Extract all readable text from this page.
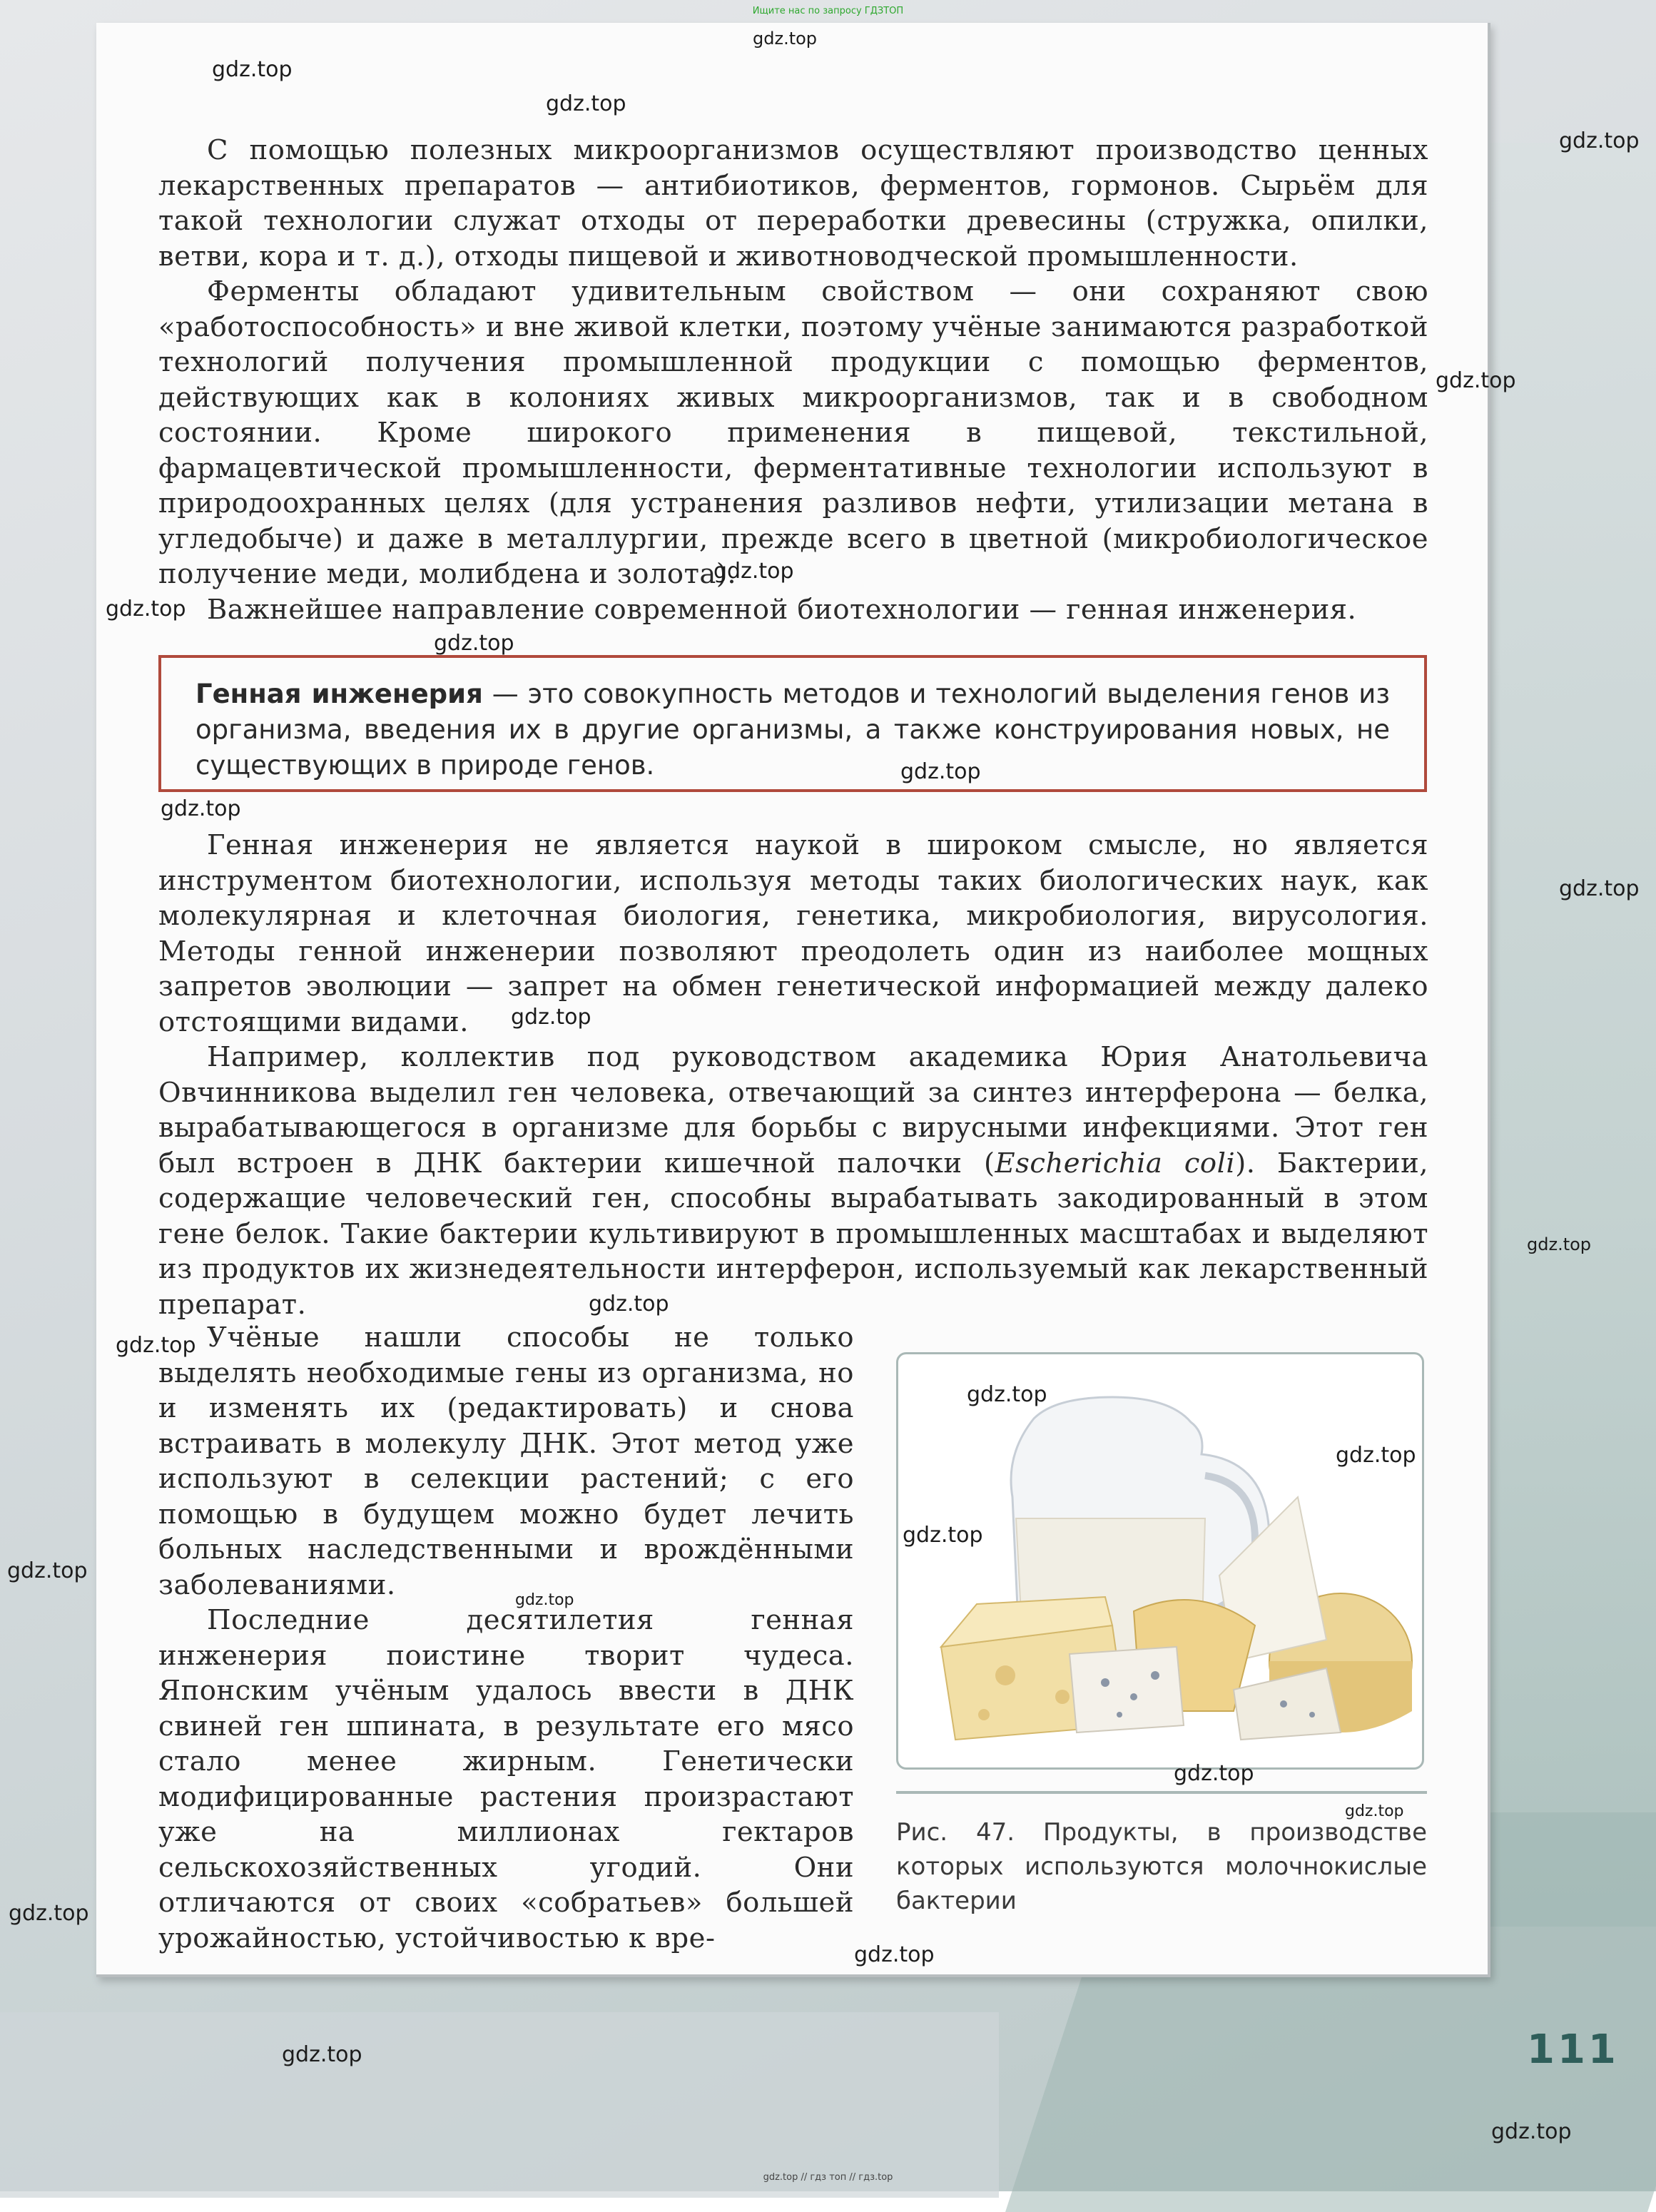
Ищите нас по запросу ГДЗТОП

С помощью полезных микроорганизмов осуществляют производство ценных лекарственных препаратов — антибиотиков, ферментов, гормонов. Сырьём для такой технологии служат отходы от переработки древесины (стружка, опилки, ветви, кора и т. д.), отходы пищевой и животноводческой промышленности.

Ферменты обладают удивительным свойством — они сохраняют свою «работоспособность» и вне живой клетки, поэтому учёные занимаются разработкой технологий получения промышленной продукции с помощью ферментов, действующих как в колониях живых микроорганизмов, так и в свободном состоянии. Кроме широкого применения в пищевой, текстильной, фармацевтической промышленности, ферментативные технологии используют в природоохранных целях (для устранения разливов нефти, утилизации метана в угледобыче) и даже в металлургии, прежде всего в цветной (микробиологическое получение меди, молибдена и золота).

Важнейшее направление современной биотехнологии — генная инженерия.

Генная инженерия — это совокупность методов и технологий выделения генов из организма, введения их в другие организмы, а также конструирования новых, не существующих в природе генов.

Генная инженерия не является наукой в широком смысле, но является инструментом биотехнологии, используя методы таких биологических наук, как молекулярная и клеточная биология, генетика, микробиология, вирусология. Методы генной инженерии позволяют преодолеть один из наиболее мощных запретов эволюции — запрет на обмен генетической информацией между далеко отстоящими видами.

Например, коллектив под руководством академика Юрия Анатольевича Овчинникова выделил ген человека, отвечающий за синтез интерферона — белка, вырабатывающегося в организме для борьбы с вирусными инфекциями. Этот ген был встроен в ДНК бактерии кишечной палочки (Escherichia coli). Бактерии, содержащие человеческий ген, способны вырабатывать закодированный в этом гене белок. Такие бактерии культивируют в промышленных масштабах и выделяют из продуктов их жизнедеятельности интерферон, используемый как лекарственный препарат.

Учёные нашли способы не только выделять необходимые гены из организма, но и изменять их (редактировать) и снова встраивать в молекулу ДНК. Этот метод уже используют в селекции растений; с его помощью в будущем можно будет лечить больных наследственными и врождёнными заболеваниями.

Последние десятилетия генная инженерия поистине творит чудеса. Японским учёным удалось ввести в ДНК свиней ген шпината, в результате его мясо стало менее жирным. Генетически модифицированные растения произрастают уже на миллионах гектаров сельскохозяйственных угодий. Они отличаются от своих «собратьев» большей урожайностью, устойчивостью к вре-

Рис. 47. Продукты, в производстве которых используются молочнокислые бактерии
111
gdz.top
gdz.top
gdz.top
gdz.top
gdz.top
gdz.top
gdz.top
gdz.top
gdz.top
gdz.top
gdz.top
gdz.top
gdz.top
gdz.top
gdz.top
gdz.top
gdz.top
gdz.top
gdz.top
gdz.top
gdz.top
gdz.top
gdz.top
gdz.top
gdz.top
gdz.top
gdz.top // гдз топ // гдз.top
